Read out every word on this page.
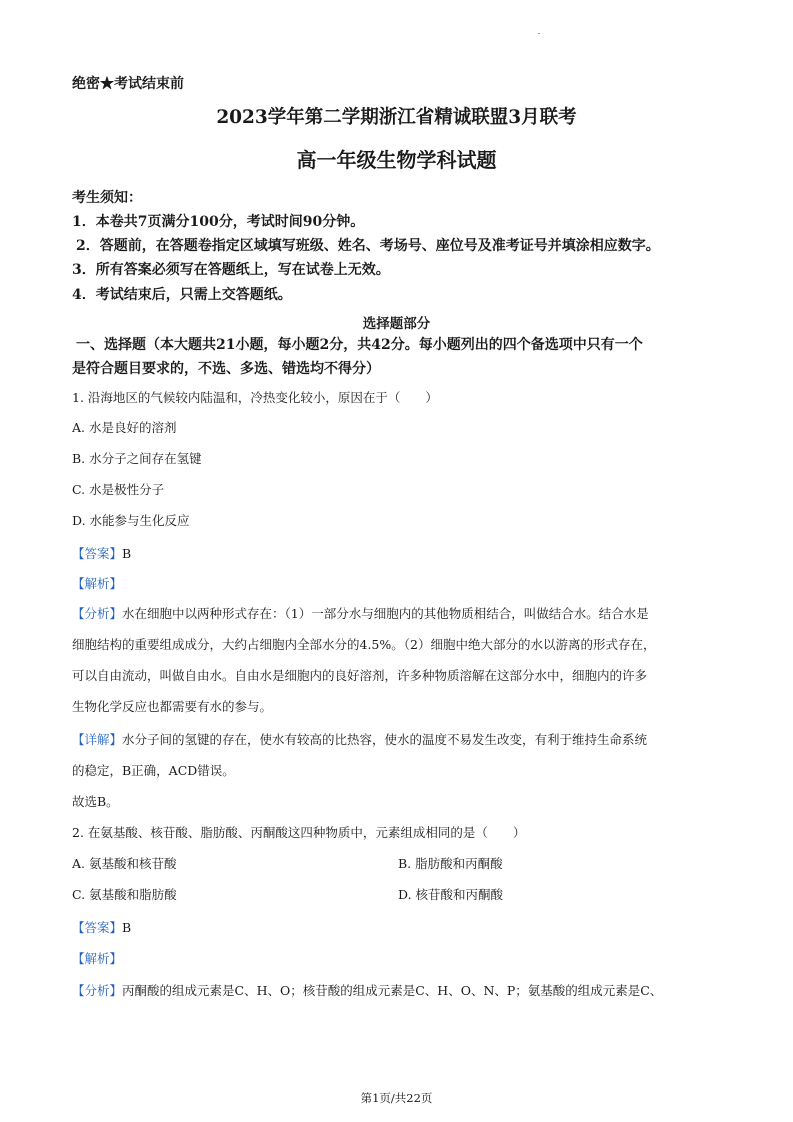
绝密★考试结束前
2023学年第二学期浙江省精诚联盟3月联考
高一年级生物学科试题
考生须知：
1．本卷共7页满分100分，考试时间90分钟。
2．答题前，在答题卷指定区域填写班级、姓名、考场号、座位号及准考证号并填涂相应数字。
3．所有答案必须写在答题纸上，写在试卷上无效。
4．考试结束后，只需上交答题纸。
选择题部分
一、选择题（本大题共21小题，每小题2分，共42分。每小题列出的四个备选项中只有一个
是符合题目要求的，不选、多选、错选均不得分）
1. 沿海地区的气候较内陆温和，冷热变化较小，原因在于（　　）
A. 水是良好的溶剂
B. 水分子之间存在氢键
C. 水是极性分子
D. 水能参与生化反应
【答案】B
【解析】
【分析】水在细胞中以两种形式存在：（1）一部分水与细胞内的其他物质相结合，叫做结合水。结合水是
细胞结构的重要组成成分，大约占细胞内全部水分的4.5%。（2）细胞中绝大部分的水以游离的形式存在，
可以自由流动，叫做自由水。自由水是细胞内的良好溶剂，许多种物质溶解在这部分水中，细胞内的许多
生物化学反应也都需要有水的参与。
【详解】水分子间的氢键的存在，使水有较高的比热容，使水的温度不易发生改变，有利于维持生命系统
的稳定，B正确，ACD错误。
故选B。
2. 在氨基酸、核苷酸、脂肪酸、丙酮酸这四种物质中，元素组成相同的是（　　）
A. 氨基酸和核苷酸	B. 脂肪酸和丙酮酸
C. 氨基酸和脂肪酸	D. 核苷酸和丙酮酸
【答案】B
【解析】
【分析】丙酮酸的组成元素是C、H、O；核苷酸的组成元素是C、H、O、N、P；氨基酸的组成元素是C、
第1页/共22页
